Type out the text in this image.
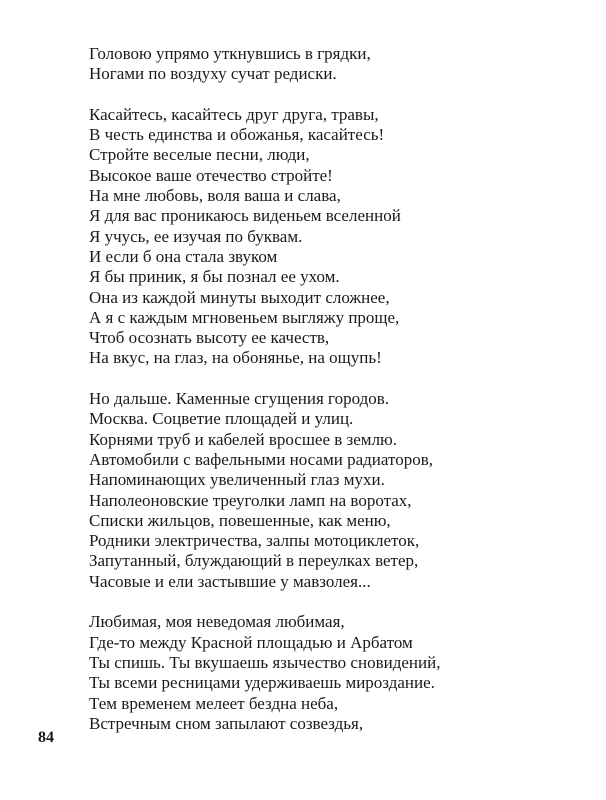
Головою упрямо уткнувшись в грядки,
Ногами по воздуху сучат редиски.
Касайтесь, касайтесь друг друга, травы,
В честь единства и обожанья, касайтесь!
Стройте веселые песни, люди,
Высокое ваше отечество стройте!
На мне любовь, воля ваша и слава,
Я для вас проникаюсь виденьем вселенной
Я учусь, ее изучая по буквам.
И если б она стала звуком
Я бы приник, я бы познал ее ухом.
Она из каждой минуты выходит сложнее,
А я с каждым мгновеньем выгляжу проще,
Чтоб осознать высоту ее качеств,
На вкус, на глаз, на обонянье, на ощупь!
Но дальше. Каменные сгущения городов.
Москва. Соцветие площадей и улиц.
Корнями труб и кабелей вросшее в землю.
Автомобили с вафельными носами радиаторов,
Напоминающих увеличенный глаз мухи.
Наполеоновские треуголки ламп на воротах,
Списки жильцов, повешенные, как меню,
Родники электричества, залпы мотоциклеток,
Запутанный, блуждающий в переулках ветер,
Часовые и ели застывшие у мавзолея...
Любимая, моя неведомая любимая,
Где-то между Красной площадью и Арбатом
Ты спишь. Ты вкушаешь язычество сновидений,
Ты всеми ресницами удерживаешь мироздание.
Тем временем мелеет бездна неба,
Встречным сном запылают созвездья,
84
